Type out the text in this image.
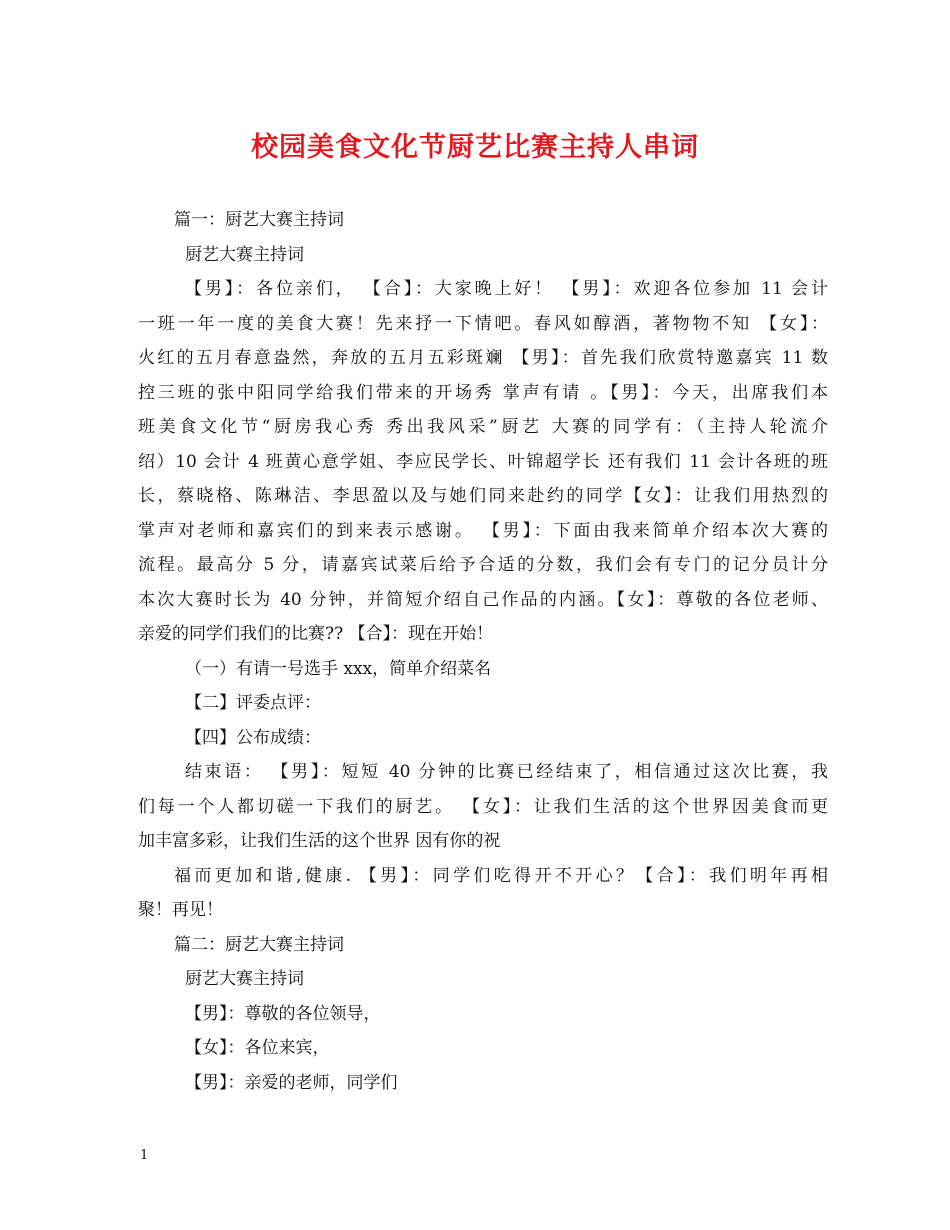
校园美食文化节厨艺比赛主持人串词
篇一：厨艺大赛主持词
厨艺大赛主持词
【男】：各位亲们， 【合】：大家晚上好！ 【男】：欢迎各位参加 11 会计
一班一年一度的美食大赛！先来抒一下情吧。春风如醇酒，著物物不知 【女】：
火红的五月春意盎然，奔放的五月五彩斑斓 【男】：首先我们欣赏特邀嘉宾 11 数
控三班的张中阳同学给我们带来的开场秀 掌声有请 。【男】：今天，出席我们本
班美食文化节“厨房我心秀 秀出我风采”厨艺 大赛的同学有：（主持人轮流介
绍）10 会计 4 班黄心意学姐、李应民学长、叶锦超学长 还有我们 11 会计各班的班
长，蔡晓格、陈琳洁、李思盈以及与她们同来赴约的同学【女】：让我们用热烈的
掌声对老师和嘉宾们的到来表示感谢。 【男】：下面由我来简单介绍本次大赛的
流程。最高分 5 分，请嘉宾试菜后给予合适的分数，我们会有专门的记分员计分
本次大赛时长为 40 分钟，并简短介绍自己作品的内涵。【女】：尊敬的各位老师、
亲爱的同学们我们的比赛?? 【合】：现在开始！
（一）有请一号选手 xxx，简单介绍菜名
【二】评委点评：
【四】公布成绩：
结束语： 【男】：短短 40 分钟的比赛已经结束了，相信通过这次比赛，我
们每一个人都切磋一下我们的厨艺。 【女】：让我们生活的这个世界因美食而更
加丰富多彩，让我们生活的这个世界 因有你的祝
福而更加和谐,健康. 【男】：同学们吃得开不开心？【合】：我们明年再相
聚！再见！
篇二：厨艺大赛主持词
厨艺大赛主持词
【男】：尊敬的各位领导，
【女】：各位来宾，
【男】：亲爱的老师，同学们
1
